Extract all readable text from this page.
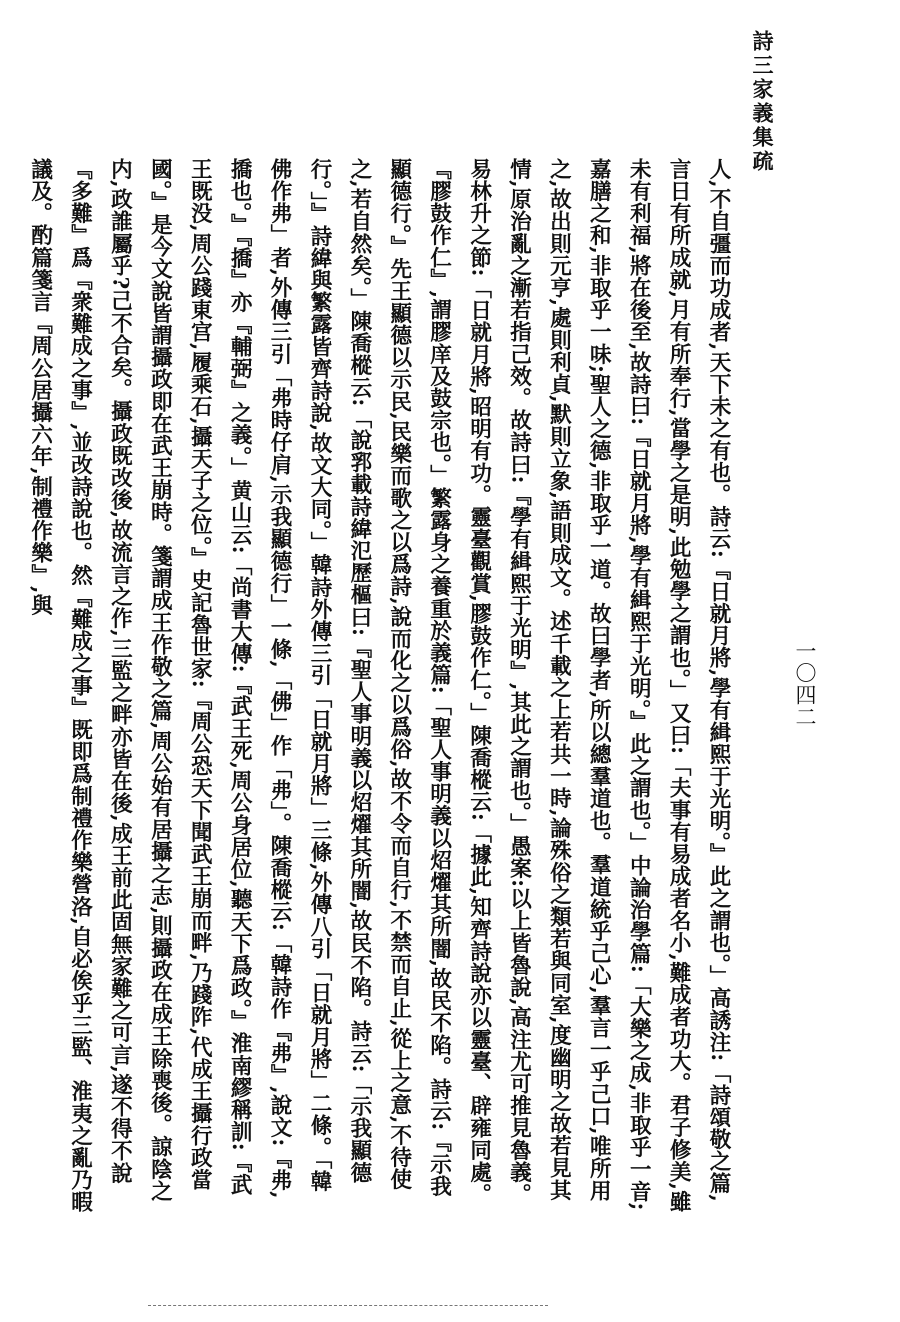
詩三家義集疏
一〇四二

人,不自彊而功成者,天下未之有也。詩云:『日就月將,學有緝熙于光明。』此之謂也。」高誘注:「詩頌敬之篇,言日有所成就,月有所奉行,當學之是明,此勉學之謂也。」又曰:「夫事有易成者名小,難成者功大。君子修美,雖未有利福,將在後至,故詩曰:『日就月將,學有緝熙于光明。』此之謂也。」中論治學篇:「大樂之成,非取乎一音;嘉膳之和,非取乎一味;聖人之德,非取乎一道。故曰學者,所以總羣道也。羣道統乎己心,羣言一乎己口,唯所用之,故出則元亨,處則利貞,默則立象,語則成文。述千載之上若共一時,論殊俗之類若與同室,度幽明之故若見其情,原治亂之漸若指己效。故詩曰:『學有緝熙于光明』,其此之謂也。」愚案:以上皆魯說,高注尤可推見魯義。易林升之節:「日就月將,昭明有功。靈臺觀賞,膠鼓作仁。」陳喬樅云:「據此,知齊詩說亦以靈臺、辟雍同處。『膠鼓作仁』,謂膠庠及鼓宗也。」繁露身之養重於義篇:「聖人事明義以炤燿其所闇,故民不陷。詩云:『示我顯德行。』先王顯德以示民,民樂而歌之以爲詩,說而化之以爲俗,故不令而自行,不禁而自止,從上之意,不待使之,若自然矣。」陳喬樅云:「說郛載詩緯氾歷樞曰:『聖人事明義以炤燿其所闇,故民不陷。詩云:「示我顯德行。」』詩緯與繁露皆齊詩說,故文大同。」韓詩外傳三引「日就月將」三條,外傳八引「日就月將」二條。「韓佛作弗」者,外傳三引「弗時仔肩,示我顯德行」一條,「佛」作「弗」。陳喬樅云:「韓詩作『弗』,說文:『弗,撟也。』『撟』亦『輔弼』之義。」黄山云:「尚書大傳:『武王死,周公身居位,聽天下爲政。』淮南繆稱訓:『武王既没,周公踐東宫,履乘石,攝天子之位。』史記魯世家:『周公恐天下聞武王崩而畔,乃踐阼,代成王攝行政當國。』是今文說皆謂攝政即在武王崩時。箋謂成王作敬之篇,周公始有居攝之志,則攝政在成王除喪後。諒陰之内,政誰屬乎?己不合矣。攝政既改後,故流言之作,三監之畔亦皆在後,成王前此固無家難之可言,遂不得不說『多難』爲『衆難成之事』,並改詩說也。然『難成之事』既即爲制禮作樂營洛,自必俟乎三監、淮夷之亂乃暇議及。酌篇箋言『周公居攝六年,制禮作樂』,與
